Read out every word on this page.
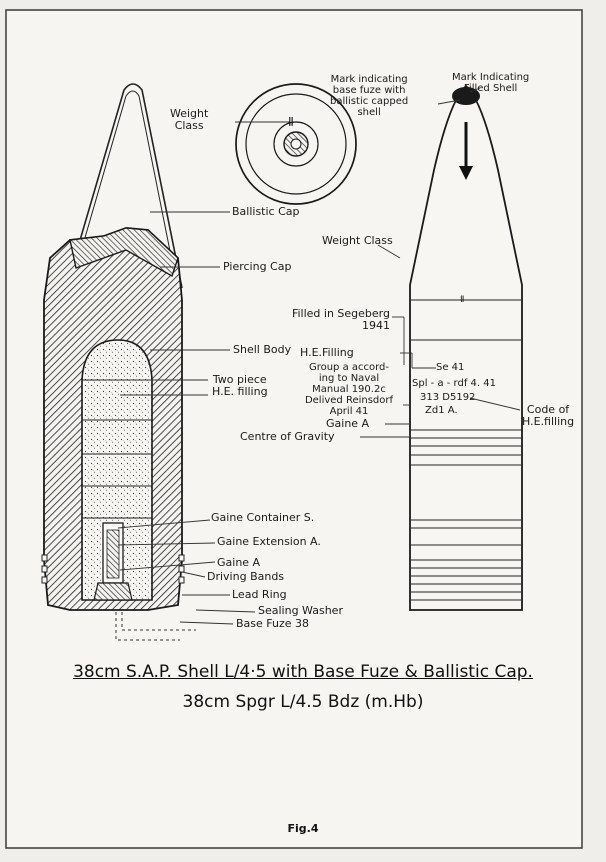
Weight
Class	Ⅱ
Ballistic Cap
Piercing Cap
Shell Body
Two piece
H.E. filling
Gaine Container S.
Gaine Extension A.
Gaine A
Driving Bands
Lead Ring
Sealing Washer
Base Fuze 38
Mark indicating
base fuze with
ballistic capped
shell
Mark Indicating
Filled Shell
Weight Class
Ⅱ
Filled in Segeberg
1941
H.E.Filling
Se 41
Group a accord-
ing to Naval
Manual 190.2c
Delived Reinsdorf
April 41
Spl - a - rdf 4. 41
313 D5192
Zd1 A.	Code of
H.E.filling
Gaine A
Centre of Gravity
38cm S.A.P. Shell L/4·5 with Base Fuze & Ballistic Cap.
38cm Spgr L/4.5 Bdz (m.Hb)
Fig.4
